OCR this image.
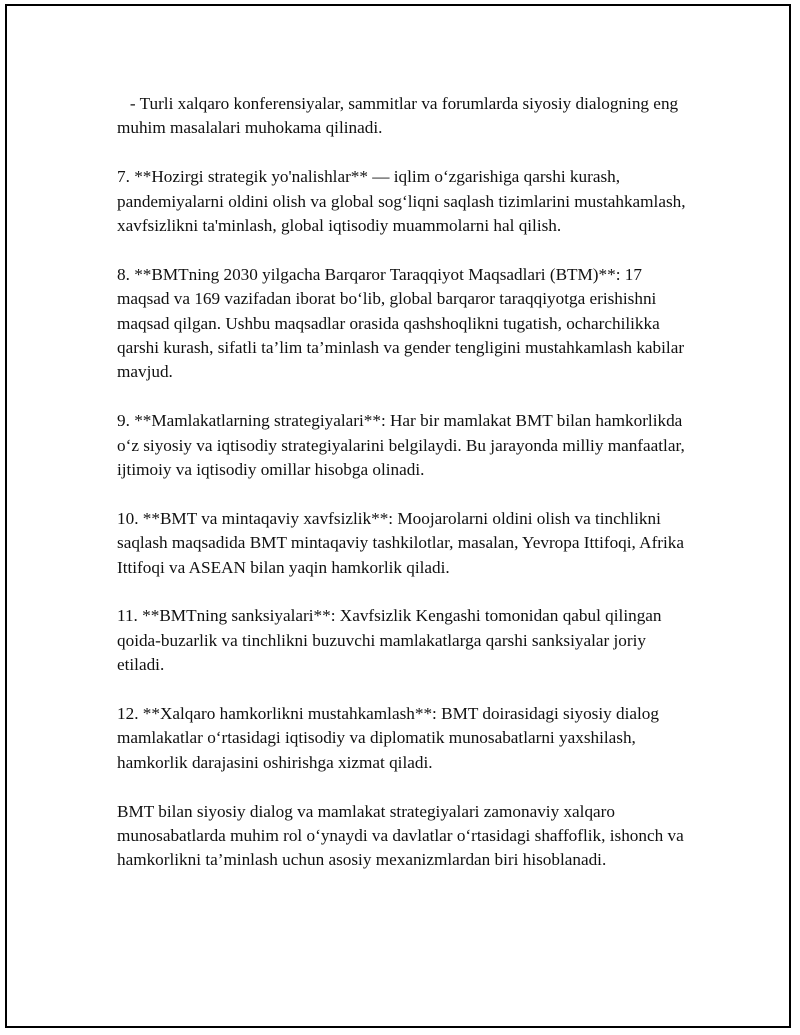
- Turli xalqaro konferensiyalar, sammitlar va forumlarda siyosiy dialogning eng muhim masalalari muhokama qilinadi.

7. **Hozirgi strategik yo'nalishlar** — iqlim o‘zgarishiga qarshi kurash, pandemiyalarni oldini olish va global sog‘liqni saqlash tizimlarini mustahkamlash, xavfsizlikni ta'minlash, global iqtisodiy muammolarni hal qilish.

8. **BMTning 2030 yilgacha Barqaror Taraqqiyot Maqsadlari (BTM)**: 17 maqsad va 169 vazifadan iborat bo‘lib, global barqaror taraqqiyotga erishishni maqsad qilgan. Ushbu maqsadlar orasida qashshoqlikni tugatish, ocharchilikka qarshi kurash, sifatli ta’lim ta’minlash va gender tengligini mustahkamlash kabilar mavjud.

9. **Mamlakatlarning strategiyalari**: Har bir mamlakat BMT bilan hamkorlikda o‘z siyosiy va iqtisodiy strategiyalarini belgilaydi. Bu jarayonda milliy manfaatlar, ijtimoiy va iqtisodiy omillar hisobga olinadi.

10. **BMT va mintaqaviy xavfsizlik**: Moojarolarni oldini olish va tinchlikni saqlash maqsadida BMT mintaqaviy tashkilotlar, masalan, Yevropa Ittifoqi, Afrika Ittifoqi va ASEAN bilan yaqin hamkorlik qiladi.

11. **BMTning sanksiyalari**: Xavfsizlik Kengashi tomonidan qabul qilingan qoida-buzarlik va tinchlikni buzuvchi mamlakatlarga qarshi sanksiyalar joriy etiladi.

12. **Xalqaro hamkorlikni mustahkamlash**: BMT doirasidagi siyosiy dialog mamlakatlar o‘rtasidagi iqtisodiy va diplomatik munosabatlarni yaxshilash, hamkorlik darajasini oshirishga xizmat qiladi.

BMT bilan siyosiy dialog va mamlakat strategiyalari zamonaviy xalqaro munosabatlarda muhim rol o‘ynaydi va davlatlar o‘rtasidagi shaffoflik, ishonch va hamkorlikni ta’minlash uchun asosiy mexanizmlardan biri hisoblanadi.
